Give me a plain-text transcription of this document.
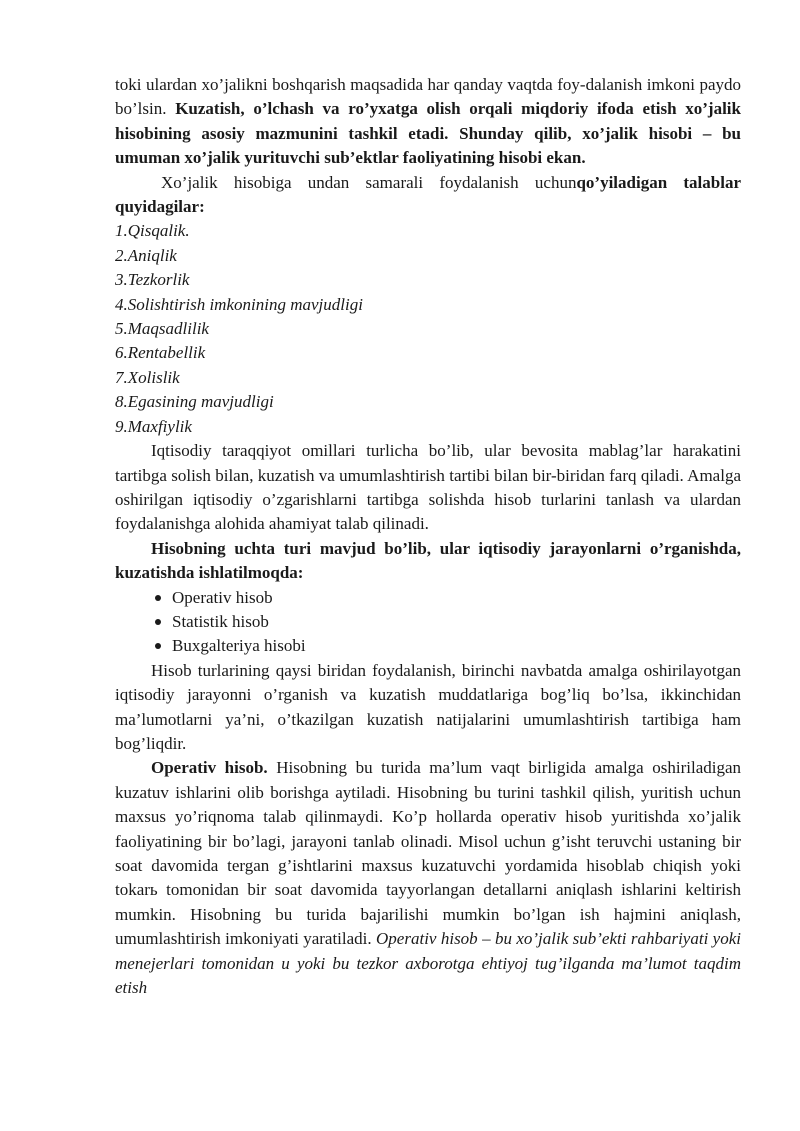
toki ulardan xo’jalikni boshqarish maqsadida har qanday vaqtda foy-dalanish imkoni paydo bo’lsin. Kuzatish, o’lchash va ro’yxatga olish orqali miqdoriy ifoda etish xo’jalik hisobining asosiy mazmunini tashkil etadi. Shunday qilib, xo’jalik hisobi – bu umuman xo’jalik yurituvchi sub’ektlar faoliyatining hisobi ekan.

Xo’jalik hisobiga undan samarali foydalanish uchunqo’yiladigan talablar quyidagilar:

1.Qisqalik.
2.Aniqlik
3.Tezkorlik
4.Solishtirish imkonining mavjudligi
5.Maqsadlilik
6.Rentabellik
7.Xolislik
8.Egasining mavjudligi
9.Maxfiylik

Iqtisodiy taraqqiyot omillari turlicha bo’lib, ular bevosita mablag’lar harakatini tartibga solish bilan, kuzatish va umumlashtirish tartibi bilan bir-biridan farq qiladi. Amalga oshirilgan iqtisodiy o’zgarishlarni tartibga solishda hisob turlarini tanlash va ulardan foydalanishga alohida ahamiyat talab qilinadi.

Hisobning uchta turi mavjud bo’lib, ular iqtisodiy jarayonlarni o’rganishda, kuzatishda ishlatilmoqda:

Operativ hisob
Statistik hisob
Buxgalteriya hisobi

Hisob turlarining qaysi biridan foydalanish, birinchi navbatda amalga oshirilayotgan iqtisodiy jarayonni o’rganish va kuzatish muddatlariga bog’liq bo’lsa, ikkinchidan ma’lumotlarni ya’ni, o’tkazilgan kuzatish natijalarini umumlashtirish tartibiga ham bog’liqdir.

Operativ hisob. Hisobning bu turida ma’lum vaqt birligida amalga oshiriladigan kuzatuv ishlarini olib borishga aytiladi. Hisobning bu turini tashkil qilish, yuritish uchun maxsus yo’riqnoma talab qilinmaydi. Ko’p hollarda operativ hisob yuritishda xo’jalik faoliyatining bir bo’lagi, jarayoni tanlab olinadi. Misol uchun g’isht teruvchi ustaning bir soat davomida tergan g’ishtlarini maxsus kuzatuvchi yordamida hisoblab chiqish yoki tokarь tomonidan bir soat davomida tayyorlangan detallarni aniqlash ishlarini keltirish mumkin. Hisobning bu turida bajarilishi mumkin bo’lgan ish hajmini aniqlash, umumlashtirish imkoniyati yaratiladi. Operativ hisob – bu xo’jalik sub’ekti rahbariyati yoki menejerlari tomonidan u yoki bu tezkor axborotga ehtiyoj tug’ilganda ma’lumot taqdim etish
